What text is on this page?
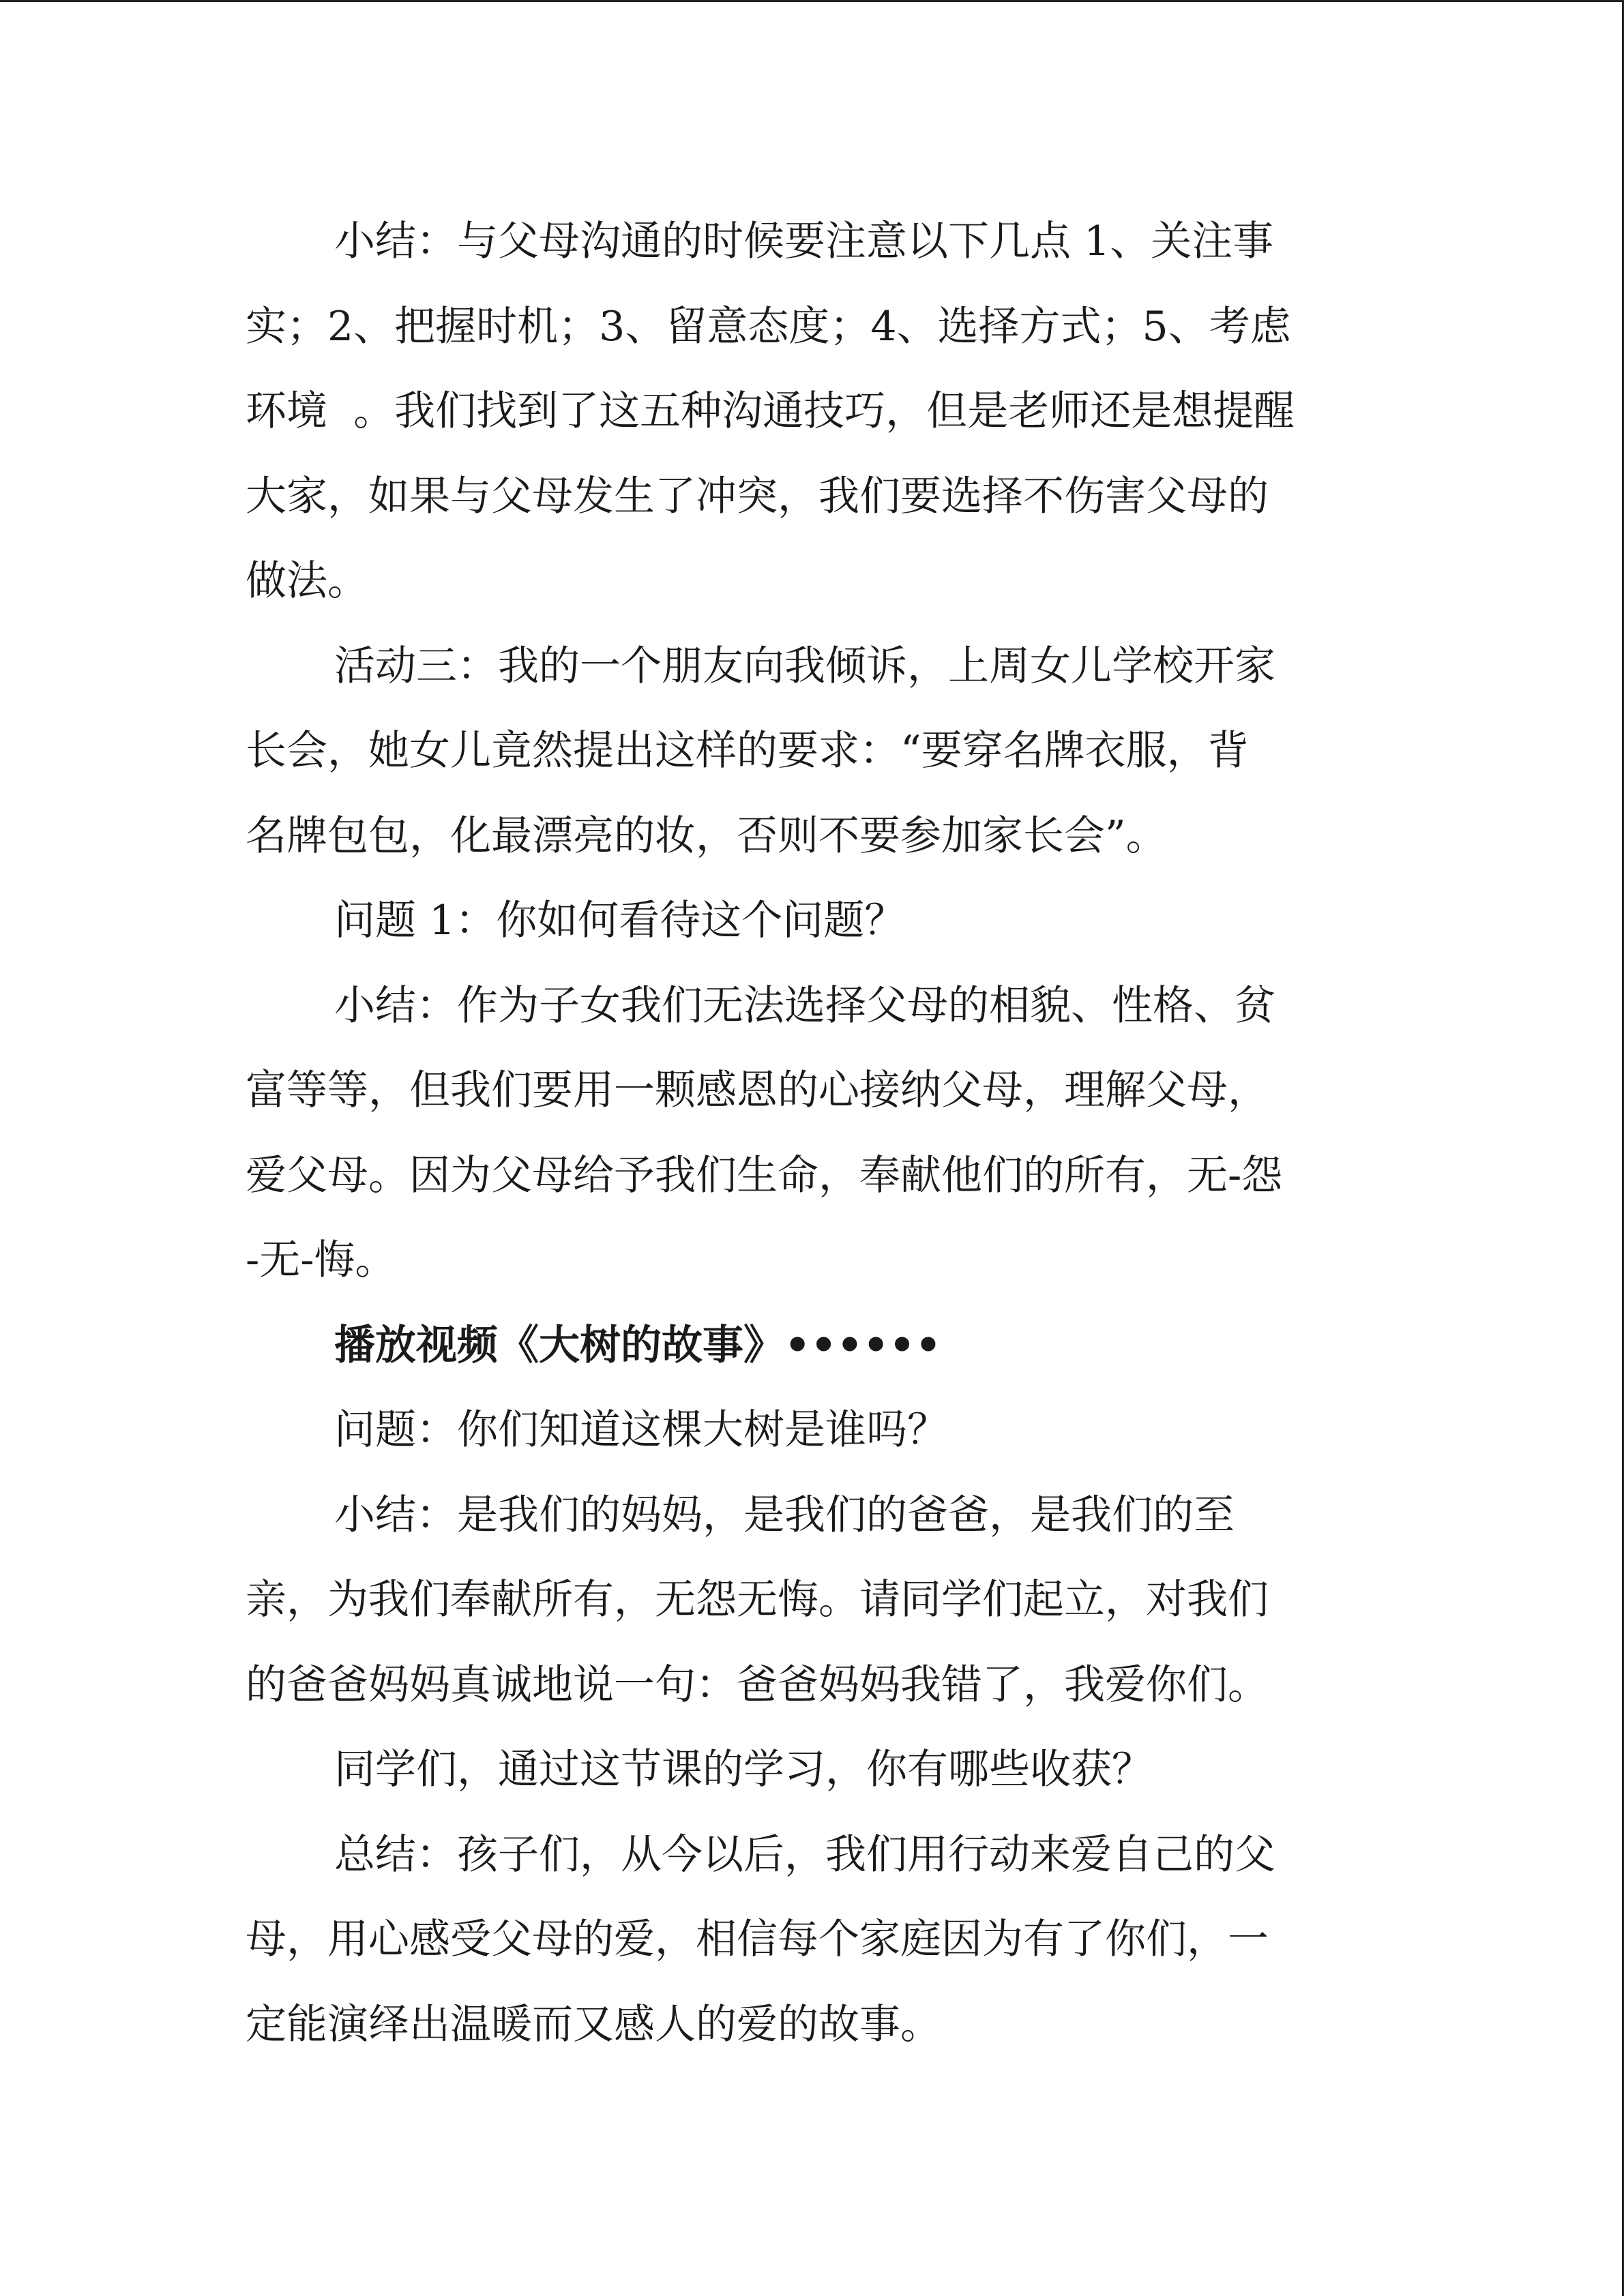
小结：与父母沟通的时候要注意以下几点 1、关注事
实；2、把握时机；3、留意态度；4、选择方式；5、考虑
环境  。我们找到了这五种沟通技巧，但是老师还是想提醒
大家，如果与父母发生了冲突，我们要选择不伤害父母的
做法。
活动三：我的一个朋友向我倾诉，上周女儿学校开家
长会，她女儿竟然提出这样的要求：“要穿名牌衣服，背
名牌包包，化最漂亮的妆，否则不要参加家长会”。
问题 1：你如何看待这个问题？
小结：作为子女我们无法选择父母的相貌、性格、贫
富等等，但我们要用一颗感恩的心接纳父母，理解父母，
爱父母。因为父母给予我们生命，奉献他们的所有，无-怨
-无-悔。
播放视频《大树的故事》••••••
问题：你们知道这棵大树是谁吗？
小结：是我们的妈妈，是我们的爸爸，是我们的至
亲，为我们奉献所有，无怨无悔。请同学们起立，对我们
的爸爸妈妈真诚地说一句：爸爸妈妈我错了，我爱你们。
同学们，通过这节课的学习，你有哪些收获？
总结：孩子们，从今以后，我们用行动来爱自己的父
母，用心感受父母的爱，相信每个家庭因为有了你们，一
定能演绎出温暖而又感人的爱的故事。
